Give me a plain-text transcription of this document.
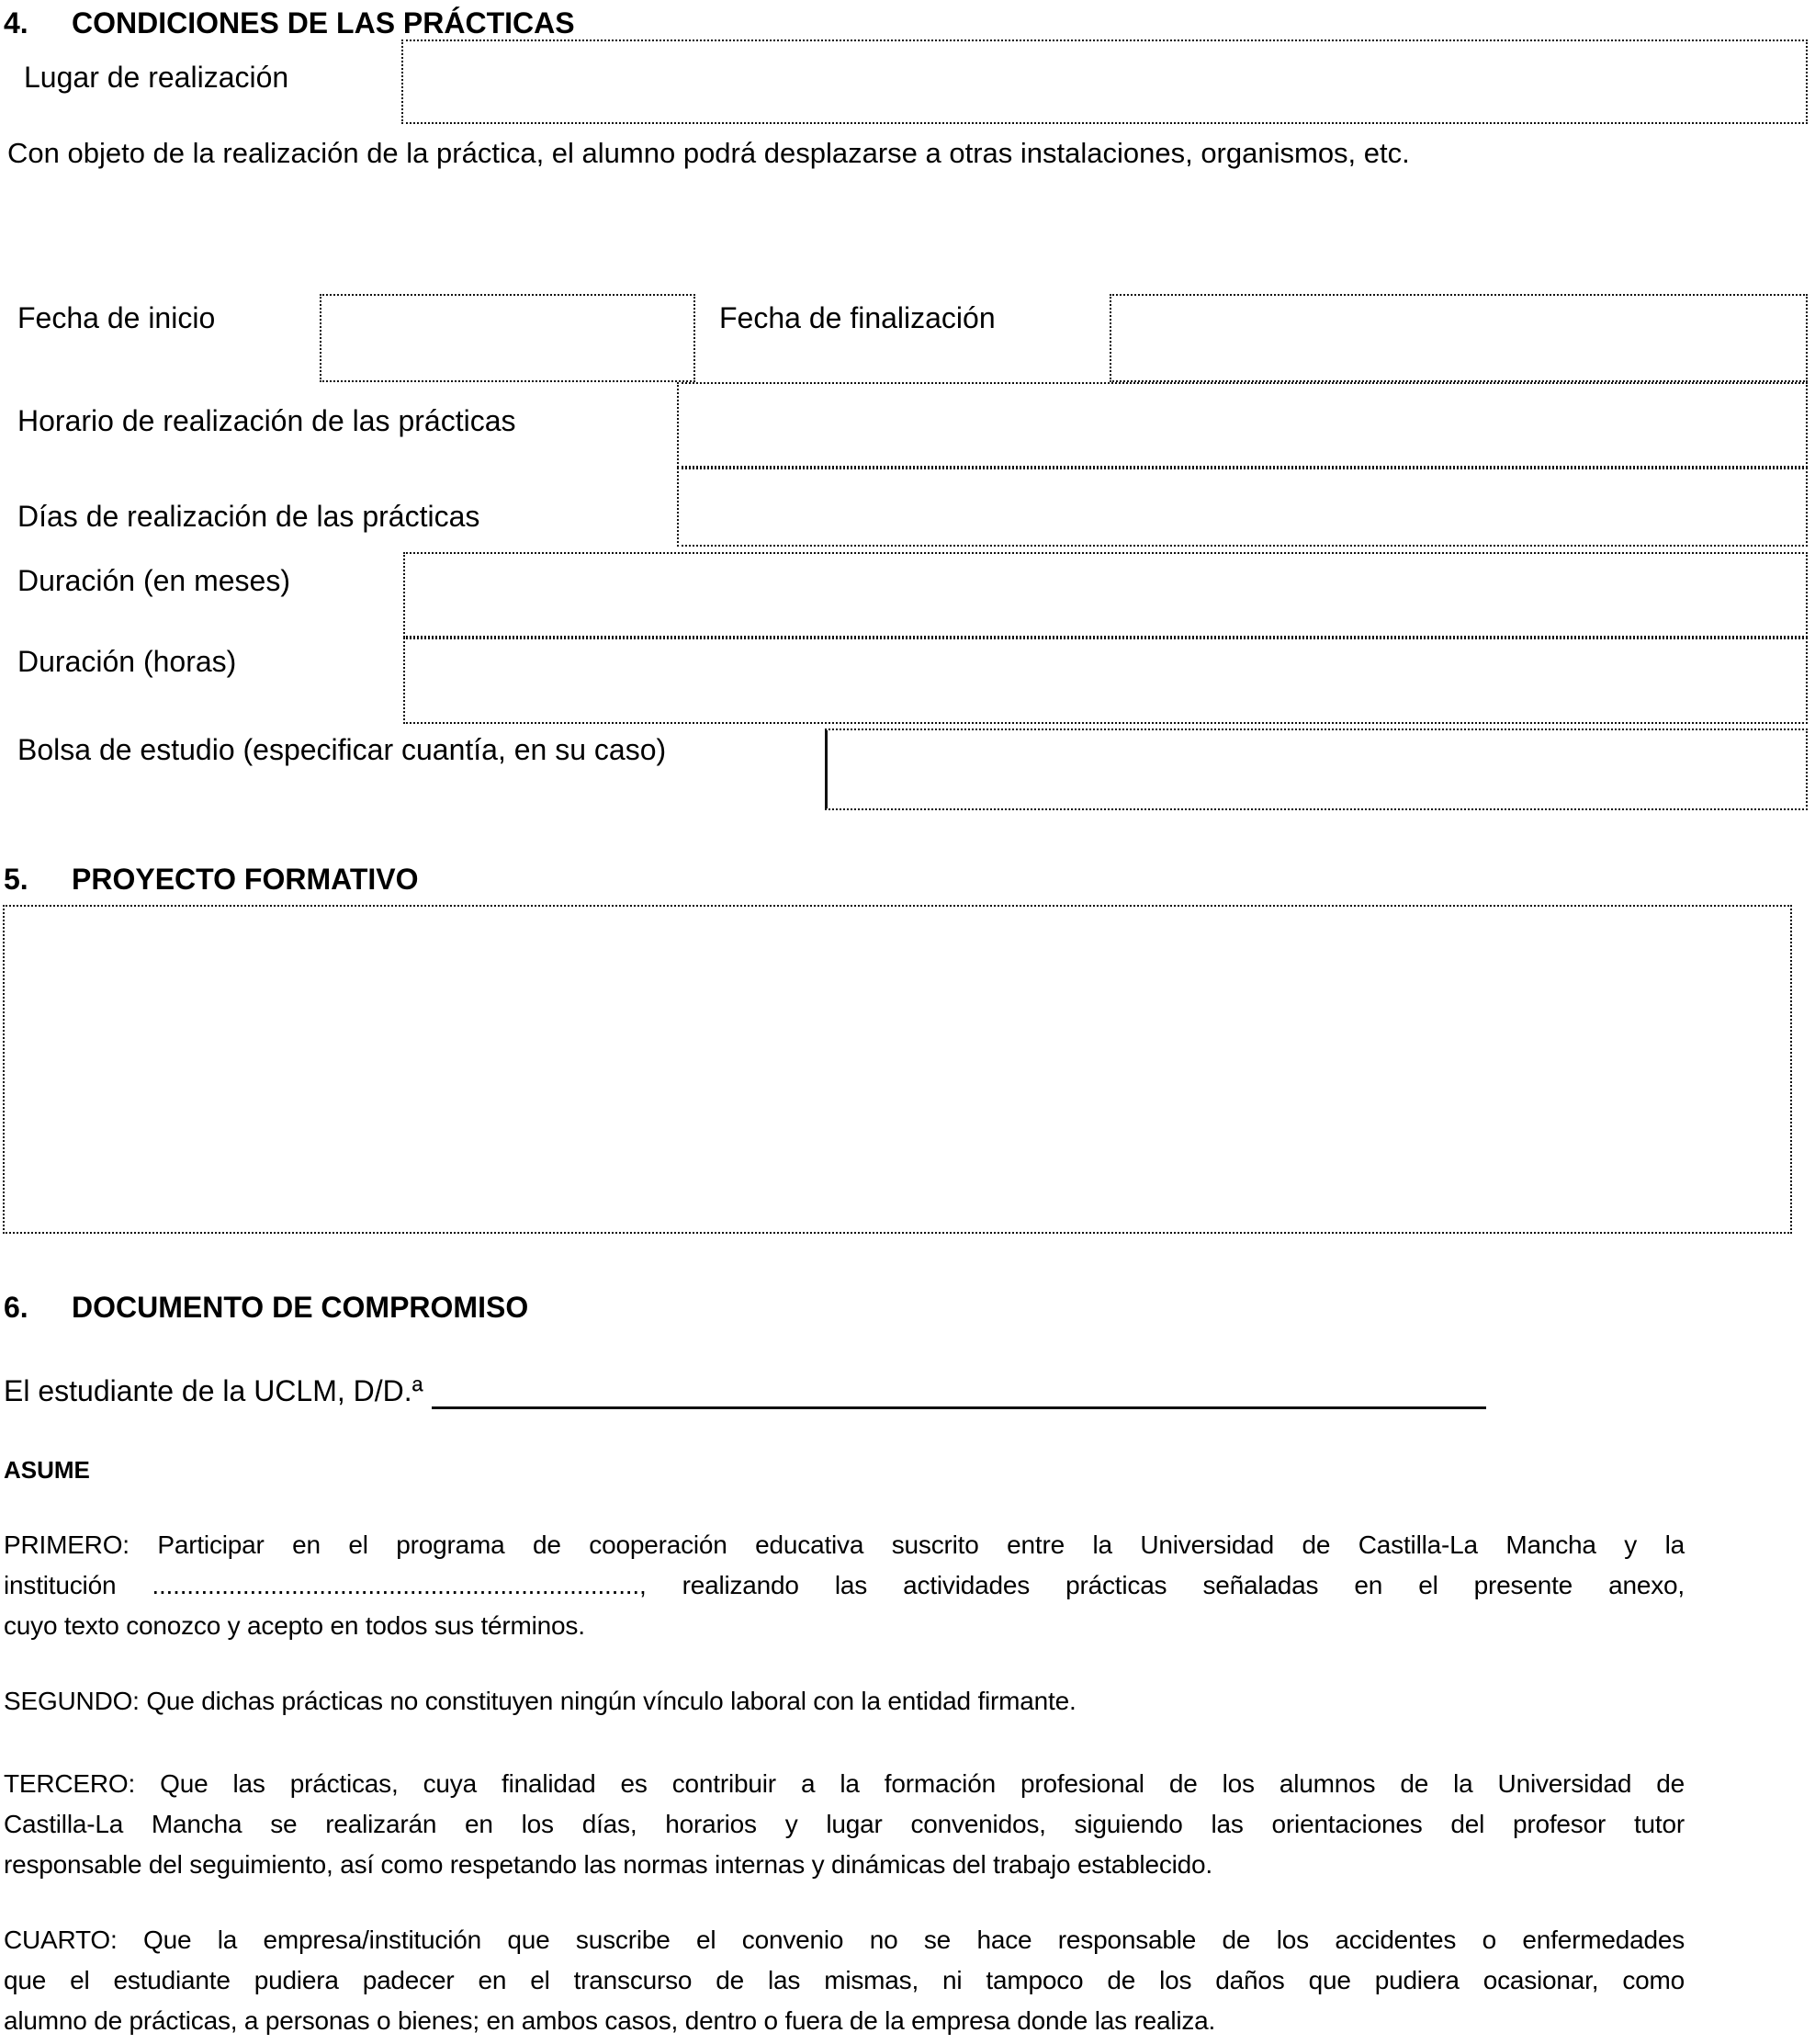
4.	CONDICIONES DE LAS PRÁCTICAS
Lugar de realización
Con objeto de la realización de la práctica, el alumno podrá desplazarse a otras instalaciones, organismos, etc.
Fecha de inicio	Fecha de finalización
Horario de realización de las prácticas
Días de realización de las prácticas
Duración (en meses)
Duración (horas)
Bolsa de estudio (especificar cuantía, en su caso)
5.	PROYECTO FORMATIVO
6.	DOCUMENTO DE COMPROMISO
El estudiante de la UCLM, D/D.ª
ASUME
PRIMERO: Participar en el programa de cooperación educativa suscrito entre la Universidad de Castilla-La Mancha y la
institución ......................................................................, realizando las actividades prácticas señaladas en el presente anexo,
cuyo texto conozco y acepto en todos sus términos.
SEGUNDO: Que dichas prácticas no constituyen ningún vínculo laboral con la entidad firmante.
TERCERO: Que las prácticas, cuya finalidad es contribuir a la formación profesional de los alumnos de la Universidad de
Castilla-La Mancha se realizarán en los días, horarios y lugar convenidos, siguiendo las orientaciones del profesor tutor
responsable del seguimiento, así como respetando las normas internas y dinámicas del trabajo establecido.
CUARTO: Que la empresa/institución que suscribe el convenio no se hace responsable de los accidentes o enfermedades
que el estudiante pudiera padecer en el transcurso de las mismas, ni tampoco de los daños que pudiera ocasionar, como
alumno de prácticas, a personas o bienes; en ambos casos, dentro o fuera de la empresa donde las realiza.
